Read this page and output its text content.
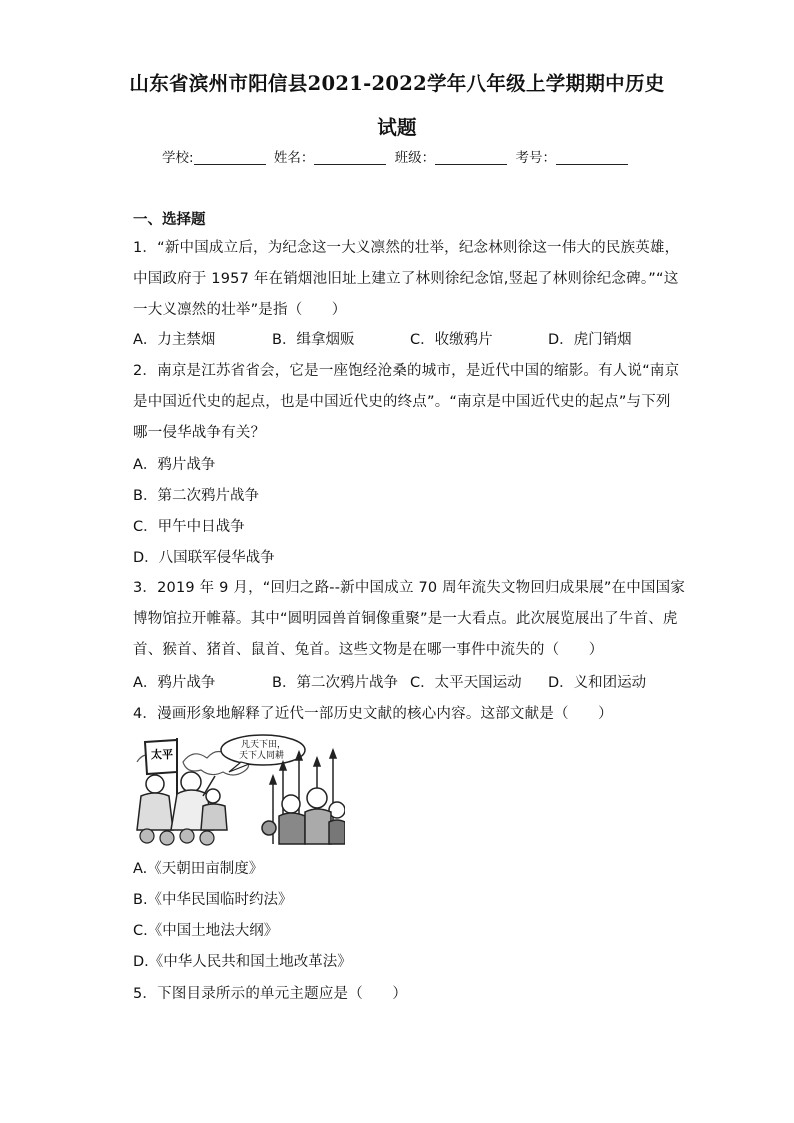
山东省滨州市阳信县2021-2022学年八年级上学期期中历史
试题
学校:	姓名：	班级：	考号：
一、选择题
1．“新中国成立后，为纪念这一大义凛然的壮举，纪念林则徐这一伟大的民族英雄，
中国政府于 1957 年在销烟池旧址上建立了林则徐纪念馆,竖起了林则徐纪念碑。”“这
一大义凛然的壮举”是指（　　）
A．力主禁烟	B．缉拿烟贩	C．收缴鸦片	D．虎门销烟
2．南京是江苏省省会，它是一座饱经沧桑的城市，是近代中国的缩影。有人说“南京
是中国近代史的起点，也是中国近代史的终点”。“南京是中国近代史的起点”与下列
哪一侵华战争有关？
A．鸦片战争
B．第二次鸦片战争
C．甲午中日战争
D．八国联军侵华战争
3．2019 年 9 月，“回归之路--新中国成立 70 周年流失文物回归成果展”在中国国家
博物馆拉开帷幕。其中“圆明园兽首铜像重聚”是一大看点。此次展览展出了牛首、虎
首、猴首、猪首、鼠首、兔首。这些文物是在哪一事件中流失的（　　）
A．鸦片战争	B．第二次鸦片战争 C．太平天国运动 D．义和团运动
4．漫画形象地解释了近代一部历史文献的核心内容。这部文献是（　　）
太平
凡天下田，
天下人同耕
A.《天朝田亩制度》
B.《中华民国临时约法》
C.《中国土地法大纲》
D.《中华人民共和国土地改革法》
5．下图目录所示的单元主题应是（　　）
